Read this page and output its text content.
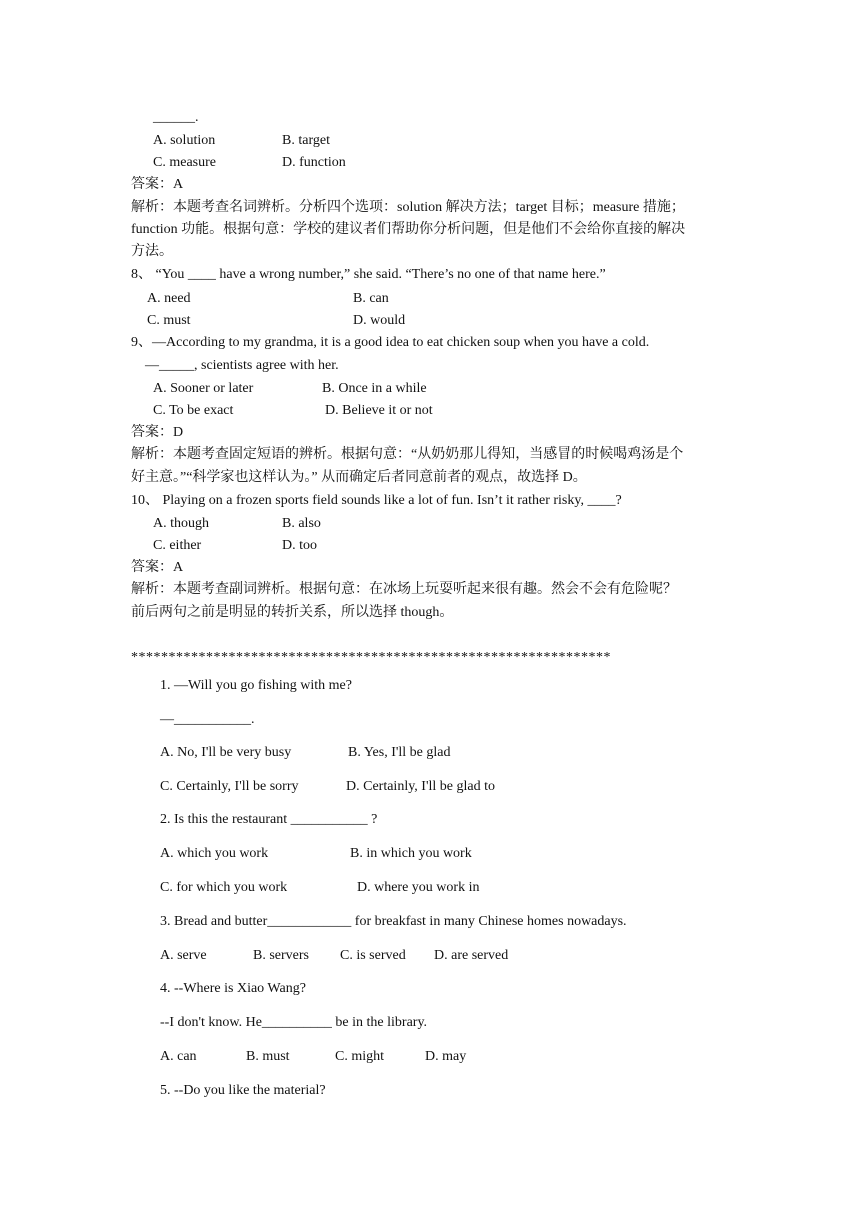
______.
A. solution	B. target
C. measure	D. function
答案：A
解析：本题考查名词辨析。分析四个选项：solution 解决方法；target 目标；measure 措施；
function 功能。根据句意：学校的建议者们帮助你分析问题，但是他们不会给你直接的解决
方法。
8、 “You ____ have a wrong number,” she said. “There’s no one of that name here.”
A. need	B. can
C. must	D. would
9、—According to my grandma, it is a good idea to eat chicken soup when you have a cold.
—_____, scientists agree with her.
A. Sooner or later	B. Once in a while
C. To be exact	D. Believe it or not
答案：D
解析：本题考查固定短语的辨析。根据句意：“从奶奶那儿得知，当感冒的时候喝鸡汤是个
好主意。”“科学家也这样认为。” 从而确定后者同意前者的观点，故选择 D。
10、 Playing on a frozen sports field sounds like a lot of fun. Isn’t it rather risky, ____?
A. though	B. also
C. either	D. too
答案：A
解析：本题考查副词辨析。根据句意：在冰场上玩耍听起来很有趣。然会不会有危险呢？
前后两句之前是明显的转折关系，所以选择 though。
****************************************************************
1. —Will you go fishing with me?
—___________.
A. No, I'll be very busy	B. Yes, I'll be glad
C. Certainly, I'll be sorry	D. Certainly, I'll be glad to
2. Is this the restaurant ___________ ?
A. which you work	B. in which you work
C. for which you work	D. where you work in
3. Bread and butter____________ for breakfast in many Chinese homes nowadays.
A. serve	B. servers C. is served D. are served
4. --Where is Xiao Wang?
--I don't know. He__________ be in the library.
A. can	B. must	C. might	D. may
5. --Do you like the material?
